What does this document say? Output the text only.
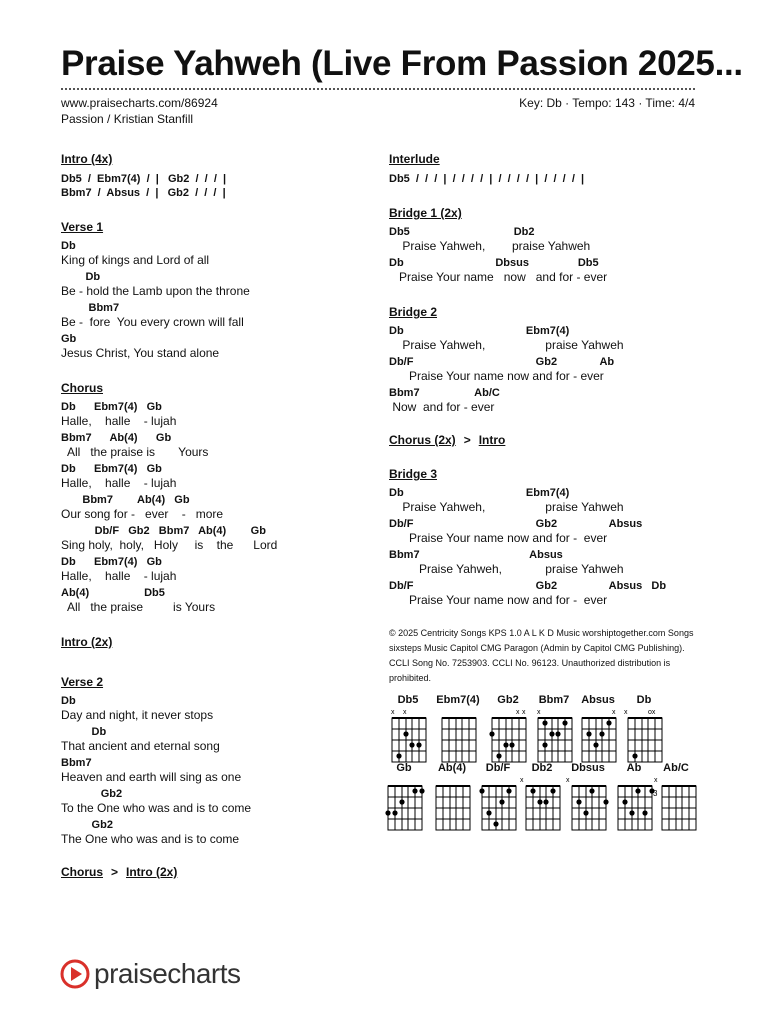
Praise Yahweh (Live From Passion 2025...
www.praisecharts.com/86924
Passion / Kristian Stanfill
Key: Db · Tempo: 143 · Time: 4/4
Intro (4x)
Db5  /  Ebm7(4)  /  |   Gb2  /  /  /  |
Bbm7  /  Absus  /  |   Gb2  /  /  /  |
Verse 1
Db
King of kings and Lord of all
Db
Be - hold the Lamb upon the throne
Bbm7
Be -  fore  You every crown will fall
Gb
Jesus Christ, You stand alone
Chorus
Db      Ebm7(4)   Gb
Halle,    halle    - lujah
Bbm7      Ab(4)      Gb
All   the praise is       Yours
Db      Ebm7(4)   Gb
Halle,    halle    - lujah
Bbm7        Ab(4)   Gb
Our song for -   ever    -   more
Db/F   Gb2   Bbm7   Ab(4)        Gb
Sing holy,  holy,   Holy     is    the      Lord
Db      Ebm7(4)   Gb
Halle,    halle    - lujah
Ab(4)                  Db5
All   the praise         is Yours
Intro (2x)
Verse 2
Db
Day and night, it never stops
Db
That ancient and eternal song
Bbm7
Heaven and earth will sing as one
Gb2
To the One who was and is to come
Gb2
The One who was and is to come
Chorus > Intro (2x)
Interlude
Db5  /  /  /  |  /  /  /  /  |  /  /  /  /  |  /  /  /  /  |
Bridge 1 (2x)
Db5                                  Db2
Praise Yahweh,        praise Yahweh
Db                              Dbsus                Db5
Praise Your name   now   and for - ever
Bridge 2
Db                                        Ebm7(4)
Praise Yahweh,                  praise Yahweh
Db/F                                        Gb2              Ab
Praise Your name now and for - ever
Bbm7                  Ab/C
Now  and for - ever
Chorus (2x) > Intro
Bridge 3
Db                                        Ebm7(4)
Praise Yahweh,                  praise Yahweh
Db/F                                        Gb2                 Absus
Praise Your name now and for -  ever
Bbm7                                    Absus
Praise Yahweh,             praise Yahweh
Db/F                                        Gb2                 Absus   Db
Praise Your name now and for -  ever
© 2025 Centricity Songs KPS 1.0 A L K D Music worshiptogether.com Songs sixsteps Music Capitol CMG Paragon (Admin by Capitol CMG Publishing). CCLI Song No. 7253903. CCLI No. 96123. Unauthorized distribution is prohibited.
Db5
x x
Ebm7(4)	Gb2
x x
Bbm7
x
Absus
x
Db
x	ox
Gb	Ab(4)	Db/F	Db2
x
Dbsus
x
Ab	Ab/C
x
3
praisecharts
